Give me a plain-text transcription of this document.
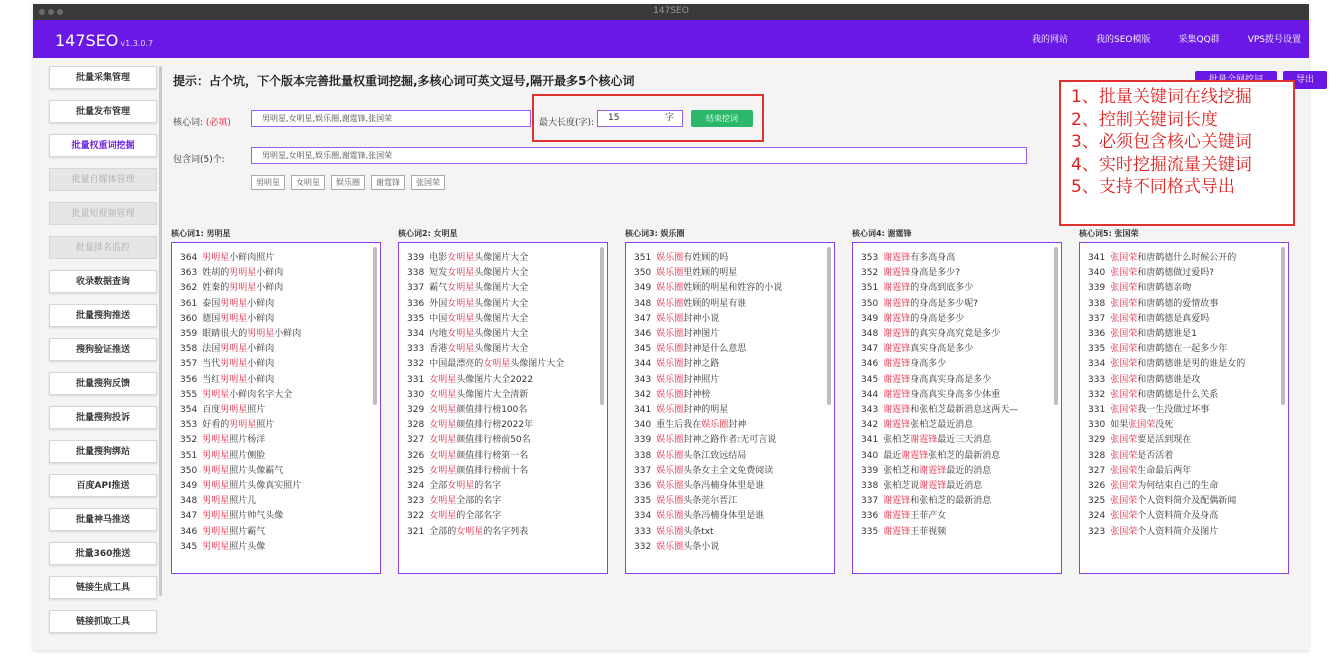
147SEO
147SEO v1.3.0.7	我的网站	我的SEO模版	采集QQ群	VPS拨号设置
批量采集管理
批量发布管理
批量权重词挖掘
批量自媒体管理
批量短视频管理
批量排名监控
收录数据查询
批量搜狗推送
搜狗验证推送
批量搜狗反馈
批量搜狗投诉
批量搜狗绑站
百度API推送
批量神马推送
批量360推送
链接生成工具
链接抓取工具
提示：占个坑，下个版本完善批量权重词挖掘,多核心词可英文逗号,隔开最多5个核心词	导出
核心词: (必填)	男明星,女明星,娱乐圈,谢霆锋,张国荣	最大长度(字):	15	字	结束挖词
包含词(5)个:	男明星,女明星,娱乐圈,谢霆锋,张国荣
男明星	女明星	娱乐圈	谢霆锋	张国荣
1、批量关键词在线挖掘
2、控制关键词长度
3、必须包含核心关键词
4、实时挖掘流量关键词
5、支持不同格式导出
核心词1: 男明星
364 男明星小鲜肉照片
363 姓胡的男明星小鲜肉
362 姓秦的男明星小鲜肉
361 泰国男明星小鲜肉
360 德国男明星小鲜肉
359 眼睛很大的男明星小鲜肉
358 法国男明星小鲜肉
357 当代男明星小鲜肉
356 当红男明星小鲜肉
355 男明星小鲜肉名字大全
354 百度男明星照片
353 好看的男明星照片
352 男明星照片杨洋
351 男明星照片侧脸
350 男明星照片头像霸气
349 男明星照片头像真实照片
348 男明星照片儿
347 男明星照片帅气头像
346 男明星照片霸气
345 男明星照片头像
核心词2: 女明星
339 电影女明星头像图片大全
338 短发女明星头像图片大全
337 霸气女明星头像图片大全
336 外国女明星头像图片大全
335 中国女明星头像图片大全
334 内地女明星头像图片大全
333 香港女明星头像图片大全
332 中国最漂亮的女明星头像图片大全
331 女明星头像图片大全2022
330 女明星头像图片大全清新
329 女明星颜值排行榜100名
328 女明星颜值排行榜2022年
327 女明星颜值排行榜前50名
326 女明星颜值排行榜第一名
325 女明星颜值排行榜前十名
324 全部女明星的名字
323 女明星全部的名字
322 女明星的全部名字
321 全部的女明星的名字列表
核心词3: 娱乐圈
351 娱乐圈有姓顾的吗
350 娱乐圈里姓顾的明星
349 娱乐圈姓顾的明星和姓容的小说
348 娱乐圈姓顾的明星有谁
347 娱乐圈封神小说
346 娱乐圈封神图片
345 娱乐圈封神是什么意思
344 娱乐圈封神之路
343 娱乐圈封神照片
342 娱乐圈封神榜
341 娱乐圈封神的明星
340 重生后我在娱乐圈封神
339 娱乐圈封神之路作者:无可言说
338 娱乐圈头条江致远结局
337 娱乐圈头条女主全文免费阅读
336 娱乐圈头条冯楠身体里是谁
335 娱乐圈头条莞尔晋江
334 娱乐圈头条冯楠身体里是谁
333 娱乐圈头条txt
332 娱乐圈头条小说
核心词4: 谢霆锋
353 谢霆锋有多高身高
352 谢霆锋身高是多少?
351 谢霆锋的身高到底多少
350 谢霆锋的身高是多少呢?
349 谢霆锋的身高是多少
348 谢霆锋的真实身高究竟是多少
347 谢霆锋真实身高是多少
346 谢霆锋身高多少
345 谢霆锋身高真实身高是多少
344 谢霆锋身高真实身高多少体重
343 谢霆锋和张柏芝最新消息这两天—
342 谢霆锋张柏芝最近消息
341 张柏芝谢霆锋最近三天消息
340 最近谢霆锋张柏芝的最新消息
339 张柏芝和谢霆锋最近的消息
338 张柏芝说谢霆锋最近消息
337 谢霆锋和张柏芝的最新消息
336 谢霆锋王菲产女
335 谢霆锋王菲视频
核心词5: 张国荣
341 张国荣和唐鹤德什么时候公开的
340 张国荣和唐鹤德做过爱吗?
339 张国荣和唐鹤德亲吻
338 张国荣和唐鹤德的爱情故事
337 张国荣和唐鹤德是真爱吗
336 张国荣和唐鹤德谁是1
335 张国荣和唐鹤德在一起多少年
334 张国荣和唐鹤德谁是男的谁是女的
333 张国荣和唐鹤德谁是攻
332 张国荣和唐鹤德是什么关系
331 张国荣我一生没做过坏事
330 如果张国荣没死
329 张国荣要是活到现在
328 张国荣是否活着
327 张国荣生命最后两年
326 张国荣为何结束自己的生命
325 张国荣个人资料简介及配偶新闻
324 张国荣个人资料简介及身高
323 张国荣个人资料简介及图片
